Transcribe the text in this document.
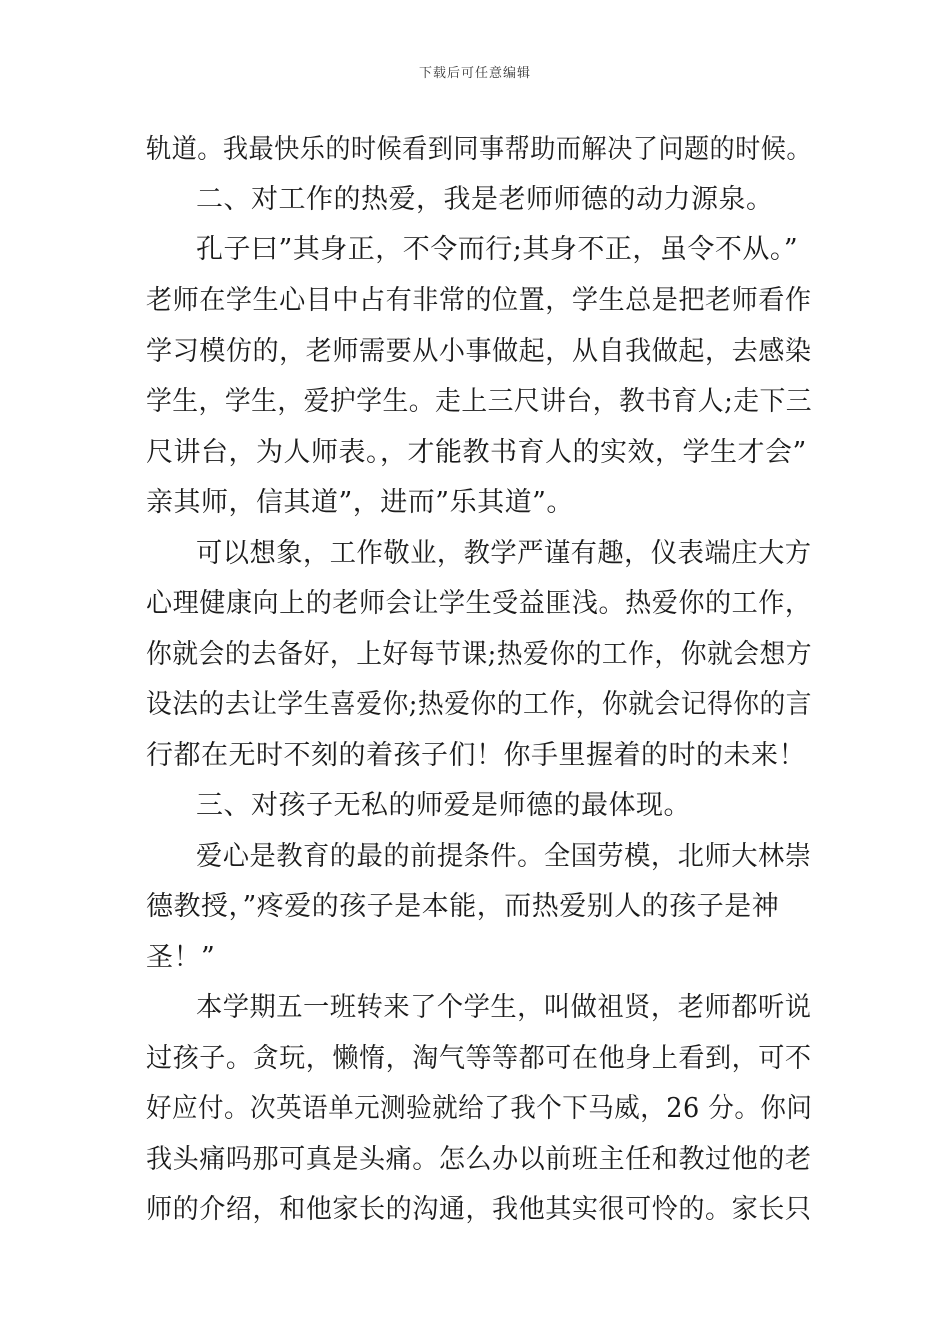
下载后可任意编辑
轨道。我最快乐的时候看到同事帮助而解决了问题的时候。
二、对工作的热爱，我是老师师德的动力源泉。
孔子曰”其身正，不令而行;其身不正，虽令不从。”
老师在学生心目中占有非常的位置，学生总是把老师看作
学习模仿的，老师需要从小事做起，从自我做起，去感染
学生，学生，爱护学生。走上三尺讲台，教书育人;走下三
尺讲台，为人师表。，才能教书育人的实效，学生才会”
亲其师，信其道”，进而”乐其道”。
可以想象，工作敬业，教学严谨有趣，仪表端庄大方
心理健康向上的老师会让学生受益匪浅。热爱你的工作，
你就会的去备好，上好每节课;热爱你的工作，你就会想方
设法的去让学生喜爱你;热爱你的工作，你就会记得你的言
行都在无时不刻的着孩子们！你手里握着的时的未来！
三、对孩子无私的师爱是师德的最体现。
爱心是教育的最的前提条件。全国劳模，北师大林崇
德教授，”疼爱的孩子是本能，而热爱别人的孩子是神
圣！”
本学期五一班转来了个学生，叫做祖贤，老师都听说
过孩子。贪玩，懒惰，淘气等等都可在他身上看到，可不
好应付。次英语单元测验就给了我个下马威，26 分。你问
我头痛吗那可真是头痛。怎么办以前班主任和教过他的老
师的介绍，和他家长的沟通，我他其实很可怜的。家长只
